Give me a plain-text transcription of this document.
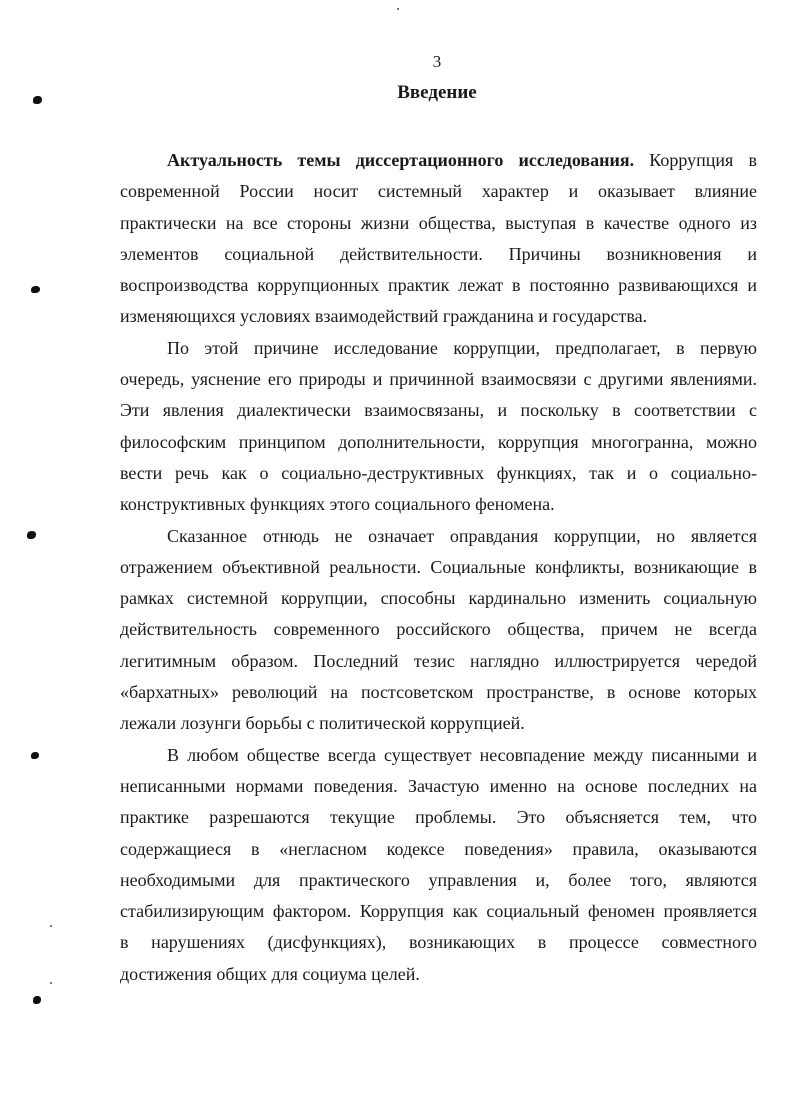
3
Введение
Актуальность темы диссертационного исследования. Коррупция в
современной России носит системный характер и оказывает влияние
практически на все стороны жизни общества, выступая в качестве одного из
элементов социальной действительности. Причины возникновения и
воспроизводства коррупционных практик лежат в постоянно развивающихся и
изменяющихся условиях взаимодействий гражданина и государства.
По этой причине исследование коррупции, предполагает, в первую
очередь, уяснение его природы и причинной взаимосвязи с другими явлениями.
Эти явления диалектически взаимосвязаны, и поскольку в соответствии с
философским принципом дополнительности, коррупция многогранна, можно
вести речь как о социально-деструктивных функциях, так и о социально-
конструктивных функциях этого социального феномена.
Сказанное отнюдь не означает оправдания коррупции, но является
отражением объективной реальности. Социальные конфликты, возникающие в
рамках системной коррупции, способны кардинально изменить социальную
действительность современного российского общества, причем не всегда
легитимным образом. Последний тезис наглядно иллюстрируется чередой
«бархатных» революций на постсоветском пространстве, в основе которых
лежали лозунги борьбы с политической коррупцией.
В любом обществе всегда существует несовпадение между писанными и
неписанными нормами поведения. Зачастую именно на основе последних на
практике разрешаются текущие проблемы. Это объясняется тем, что
содержащиеся в «негласном кодексе поведения» правила, оказываются
необходимыми для практического управления и, более того, являются
стабилизирующим фактором. Коррупция как социальный феномен проявляется
в нарушениях (дисфункциях), возникающих в процессе совместного
достижения общих для социума целей.
